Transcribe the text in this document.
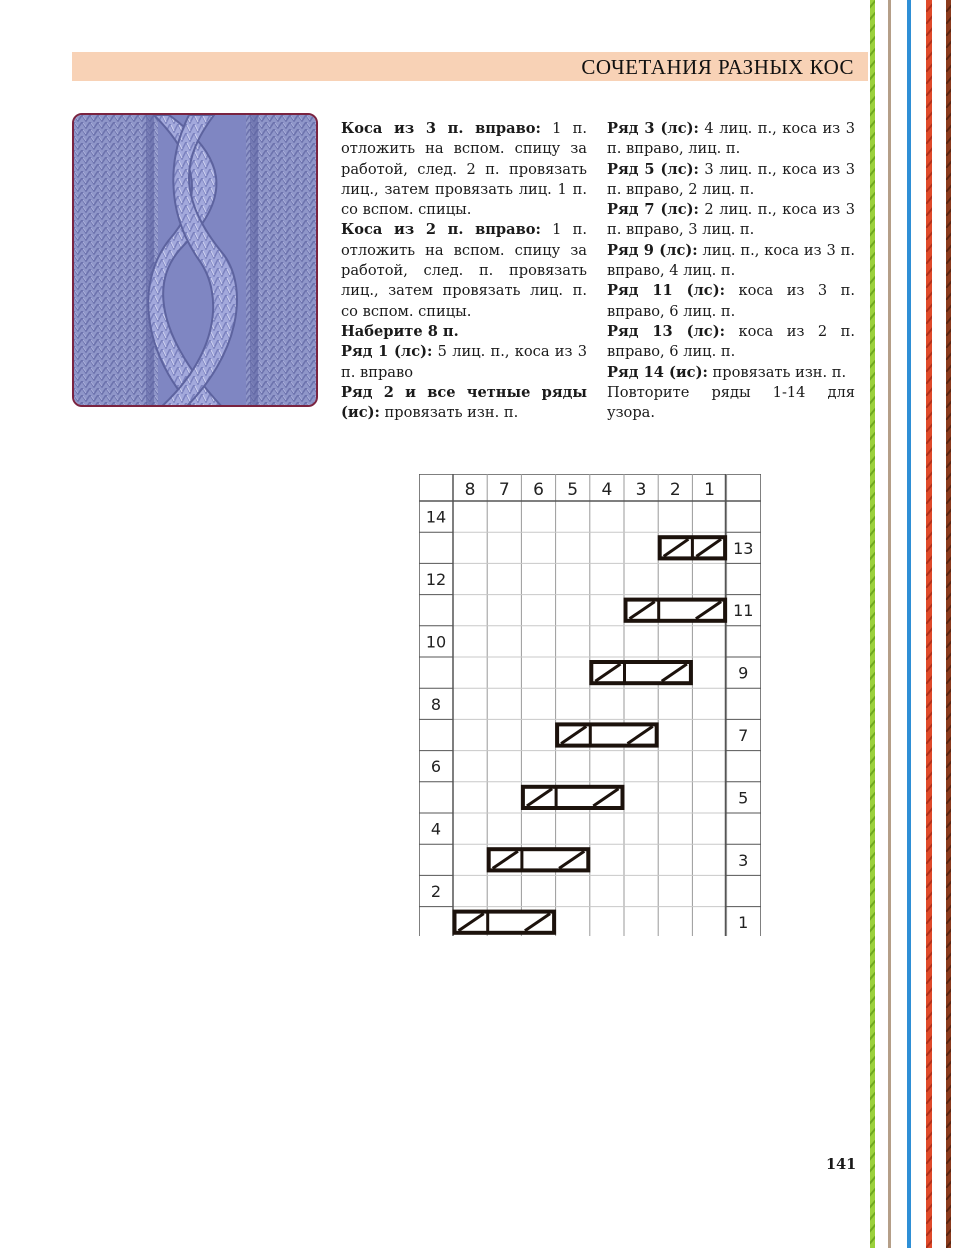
СОЧЕТАНИЯ РАЗНЫХ КОС

Коса из 3 п. вправо: 1 п. отложить на вспом. спицу за работой, след. 2 п. провязать лиц., затем провязать лиц. 1 п. со вспом. спицы.

Коса из 2 п. вправо: 1 п. отложить на вспом. спицу за работой, след. п. провязать лиц., затем провязать лиц. п. со вспом. спицы.

Наберите 8 п.

Ряд 1 (лс): 5 лиц. п., коса из 3 п. вправо

Ряд 2 и все четные ряды (ис): провязать изн. п.

Ряд 3 (лс): 4 лиц. п., коса из 3 п. вправо, лиц. п.

Ряд 5 (лс): 3 лиц. п., коса из 3 п. вправо, 2 лиц. п.

Ряд 7 (лс): 2 лиц. п., коса из 3 п. вправо, 3 лиц. п.

Ряд 9 (лс): лиц. п., коса из 3 п. вправо, 4 лиц. п.

Ряд 11 (лс): коса из 3 п. вправо, 6 лиц. п.

Ряд 13 (лс): коса из 2 п. вправо, 6 лиц. п.

Ряд 14 (ис): провязать изн. п.

Повторите ряды 1-14 для узора.

8 7 6 5 4 3 2 1
14
12
10
8
6
4
2
13
11
9
7
5
3
1
141
